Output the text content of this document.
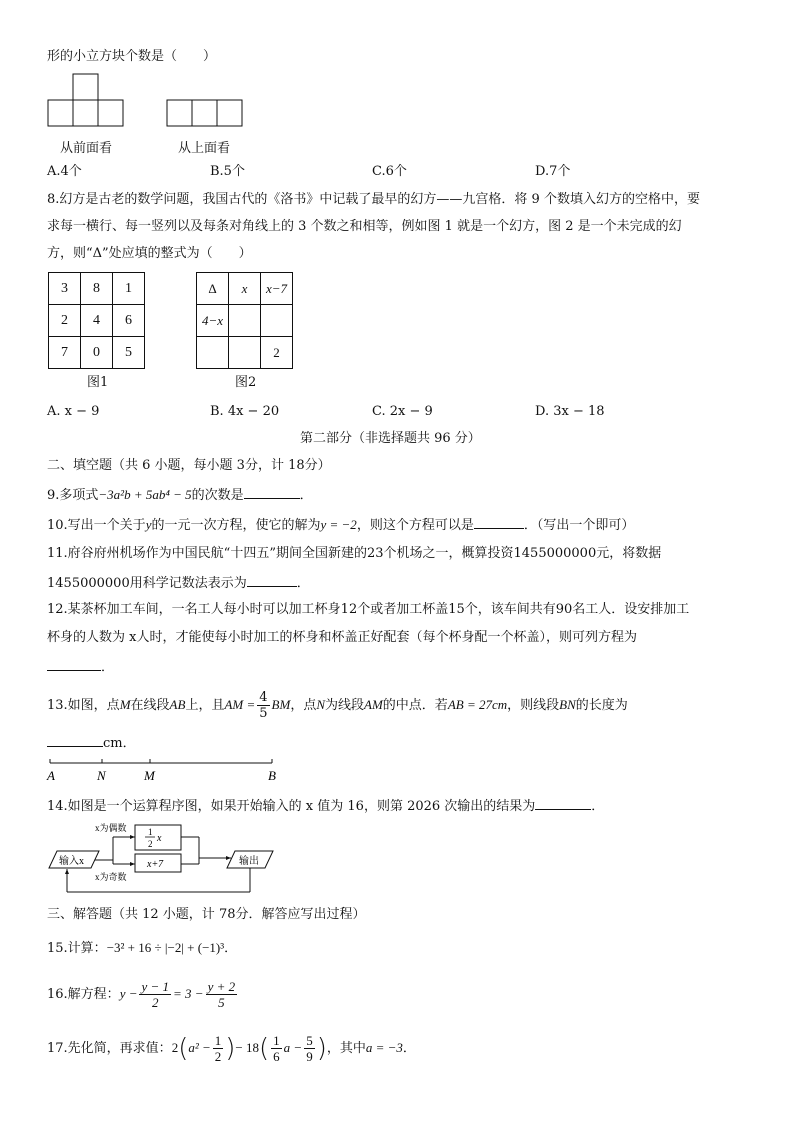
形的小立方块个数是（　　）
从前面看	从上面看
A.4个	B.5个	C.6个	D.7个
8.幻方是古老的数学问题，我国古代的《洛书》中记载了最早的幻方——九宫格．将 9 个数填入幻方的空格中，要
求每一横行、每一竖列以及每条对角线上的 3 个数之和相等，例如图 1 就是一个幻方，图 2 是一个未完成的幻
方，则“Δ”处应填的整式为（　　）
3	8	1
2	4	6
7	0	5
Δ	x	x−7
4−x		
		2
图1	图2
A. x − 9	B. 4x − 20	C. 2x − 9	D. 3x − 18
第二部分（非选择题共 96 分）
二、填空题（共 6 小题，每小题 3分，计 18分）
9.多项式−3a²b + 5ab⁴ − 5的次数是	．
10.写出一个关于y的一元一次方程，使它的解为y = −2，则这个方程可以是	．（写出一个即可）
11.府谷府州机场作为中国民航“十四五”期间全国新建的23个机场之一，概算投资1455000000元，将数据
1455000000用科学记数法表示为	．
12.某茶杯加工车间，一名工人每小时可以加工杯身12个或者加工杯盖15个，该车间共有90名工人．设安排加工
杯身的人数为 x人时，才能使每小时加工的杯身和杯盖正好配套（每个杯身配一个杯盖），则可列方程为
．
13.如图，点M在线段AB上，且AM = $\frac{4}{5}$ BM，点N为线段AM的中点．若AB = 27cm，则线段BN的长度为
cm．
A	N	M	B
14.如图是一个运算程序图，如果开始输入的 x 值为 16，则第 2026 次输出的结果为	．
输入x
1
2 x
x+7
x为偶数
x为奇数
输出
三、解答题（共 12 小题，计 78分．解答应写出过程）
15.计算：−3² + 16 ÷ |−2| + (−1)³．
16.解方程：$y - \frac{y - 1}{2} = 3 - \frac{y + 2}{5}$
17.先化简，再求值：$2(a^2 - \frac{1}{2}$ )− $18( \frac{1}{6}$ $a - \frac{5}{9}$ )，其中a = −3．
